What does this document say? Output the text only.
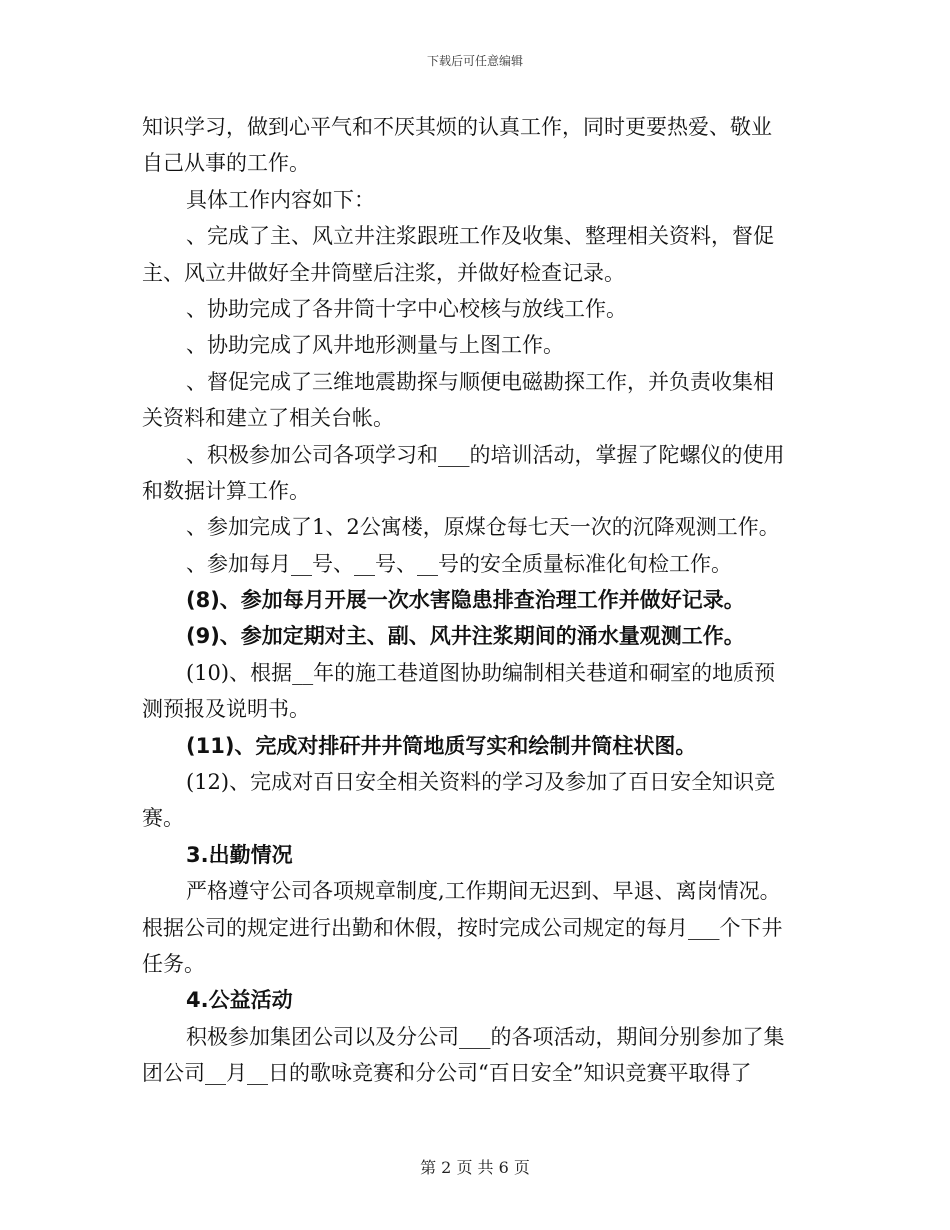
下载后可任意编辑
知识学习，做到心平气和不厌其烦的认真工作，同时更要热爱、敬业
自己从事的工作。
具体工作内容如下：
、完成了主、风立井注浆跟班工作及收集、整理相关资料，督促
主、风立井做好全井筒壁后注浆，并做好检查记录。
、协助完成了各井筒十字中心校核与放线工作。
、协助完成了风井地形测量与上图工作。
、督促完成了三维地震勘探与顺便电磁勘探工作，并负责收集相
关资料和建立了相关台帐。
、积极参加公司各项学习和___的培训活动，掌握了陀螺仪的使用
和数据计算工作。
、参加完成了1、2公寓楼，原煤仓每七天一次的沉降观测工作。
、参加每月__号、__号、__号的安全质量标准化旬检工作。
(8)、参加每月开展一次水害隐患排查治理工作并做好记录。
(9)、参加定期对主、副、风井注浆期间的涌水量观测工作。
(10)、根据__年的施工巷道图协助编制相关巷道和硐室的地质预
测预报及说明书。
(11)、完成对排矸井井筒地质写实和绘制井筒柱状图。
(12)、完成对百日安全相关资料的学习及参加了百日安全知识竞
赛。
3.出勤情况
严格遵守公司各项规章制度,工作期间无迟到、早退、离岗情况。
根据公司的规定进行出勤和休假，按时完成公司规定的每月___个下井
任务。
4.公益活动
积极参加集团公司以及分公司___的各项活动，期间分别参加了集
团公司__月__日的歌咏竞赛和分公司“百日安全”知识竞赛平取得了
第 2 页 共 6 页
